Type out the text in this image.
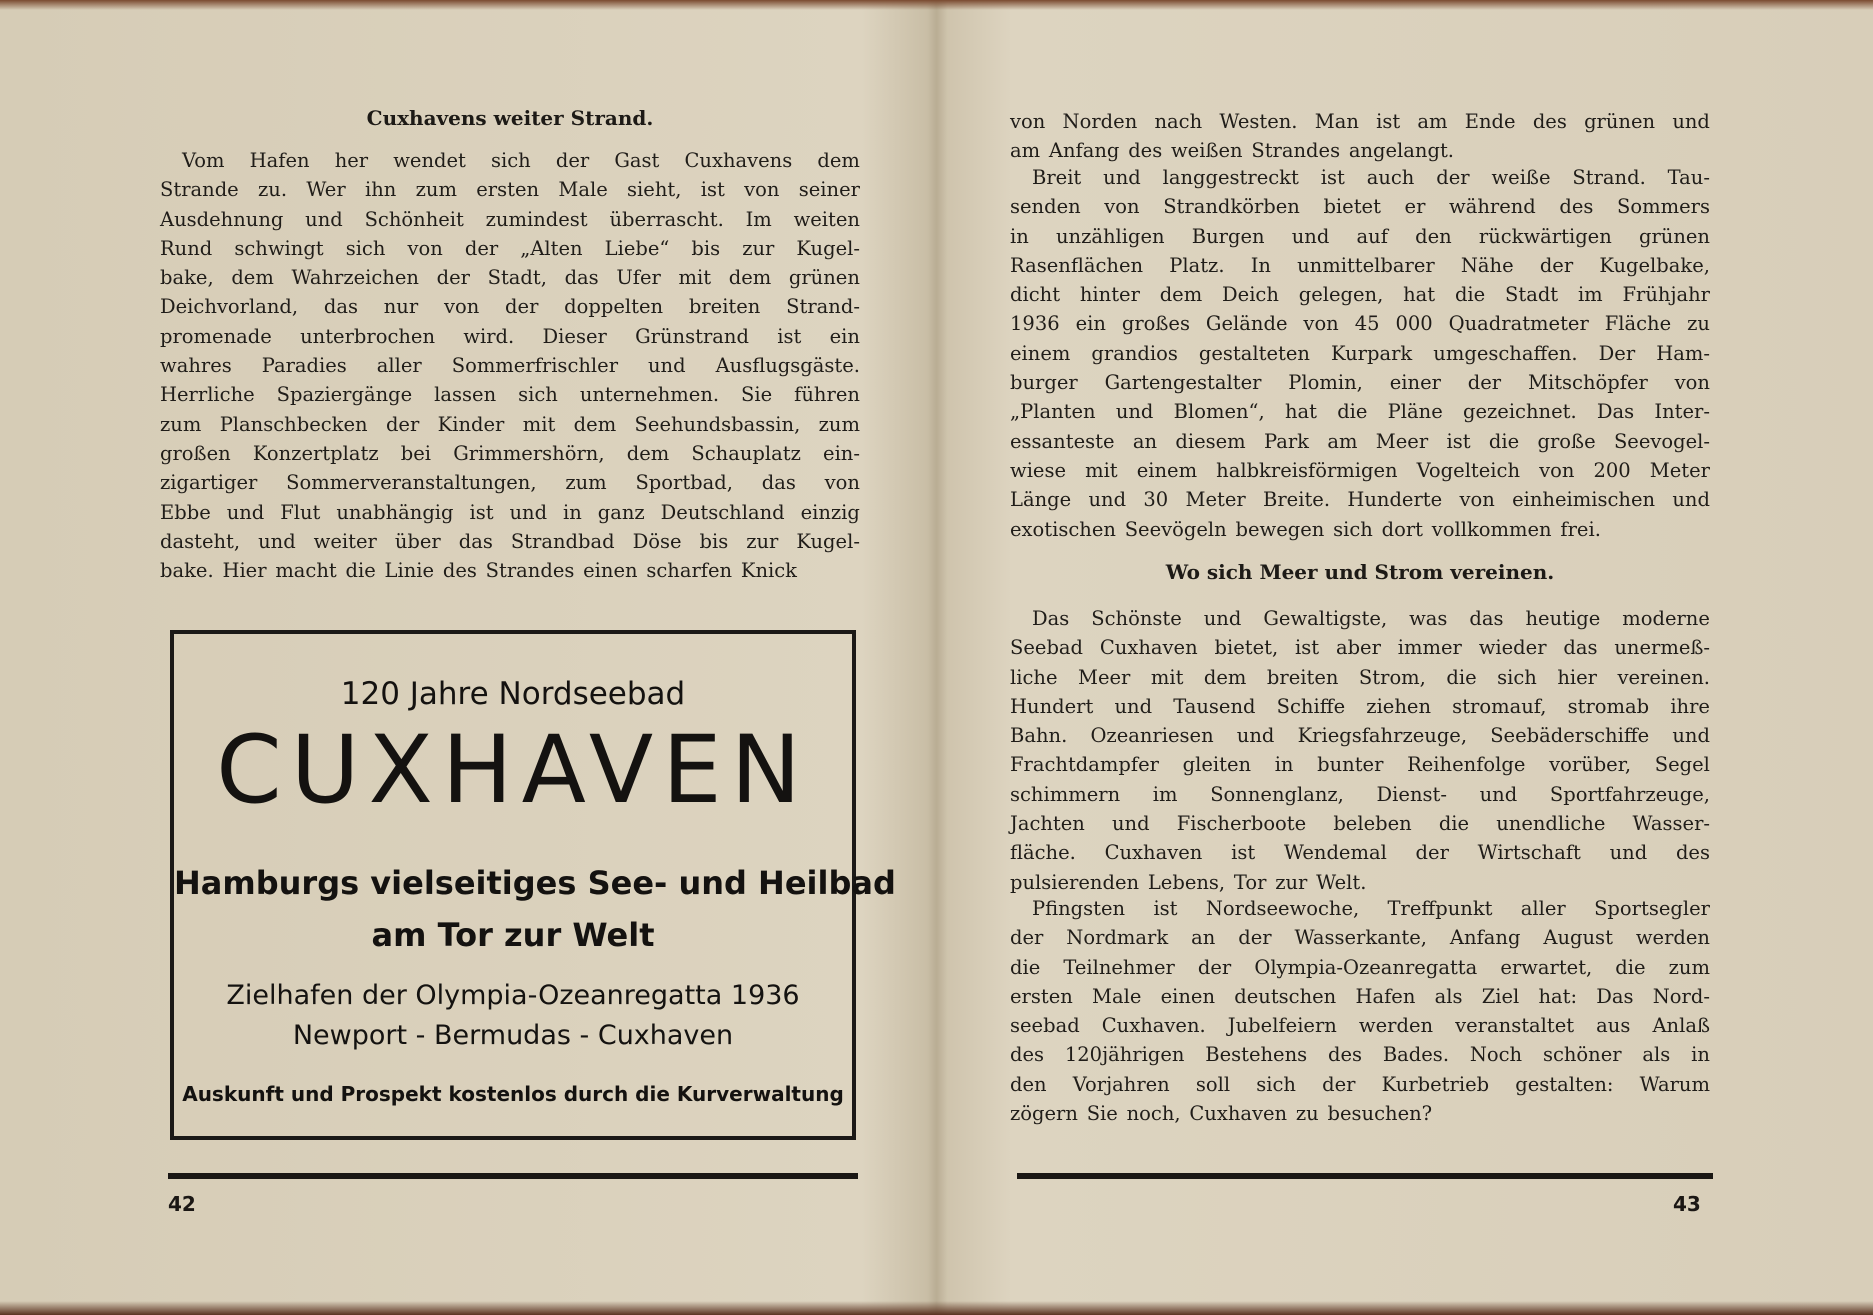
Cuxhavens weiter Strand.
Vom Hafen her wendet sich der Gast Cuxhavens dem
Strande zu. Wer ihn zum ersten Male sieht, ist von seiner
Ausdehnung und Schönheit zumindest überrascht. Im weiten
Rund schwingt sich von der „Alten Liebe“ bis zur Kugel-
bake, dem Wahrzeichen der Stadt, das Ufer mit dem grünen
Deichvorland, das nur von der doppelten breiten Strand-
promenade unterbrochen wird. Dieser Grünstrand ist ein
wahres Paradies aller Sommerfrischler und Ausflugsgäste.
Herrliche Spaziergänge lassen sich unternehmen. Sie führen
zum Planschbecken der Kinder mit dem Seehundsbassin, zum
großen Konzertplatz bei Grimmershörn, dem Schauplatz ein-
zigartiger Sommerveranstaltungen, zum Sportbad, das von
Ebbe und Flut unabhängig ist und in ganz Deutschland einzig
dasteht, und weiter über das Strandbad Döse bis zur Kugel-
bake. Hier macht die Linie des Strandes einen scharfen Knick
120 Jahre Nordseebad
CUXHAVEN
Hamburgs vielseitiges See- und Heilbad
am Tor zur Welt
Zielhafen der Olympia-Ozeanregatta 1936
Newport - Bermudas - Cuxhaven
Auskunft und Prospekt kostenlos durch die Kurverwaltung
42
von Norden nach Westen. Man ist am Ende des grünen und
am Anfang des weißen Strandes angelangt.
Breit und langgestreckt ist auch der weiße Strand. Tau-
senden von Strandkörben bietet er während des Sommers
in unzähligen Burgen und auf den rückwärtigen grünen
Rasenflächen Platz. In unmittelbarer Nähe der Kugelbake,
dicht hinter dem Deich gelegen, hat die Stadt im Frühjahr
1936 ein großes Gelände von 45 000 Quadratmeter Fläche zu
einem grandios gestalteten Kurpark umgeschaffen. Der Ham-
burger Gartengestalter Plomin, einer der Mitschöpfer von
„Planten und Blomen“, hat die Pläne gezeichnet. Das Inter-
essanteste an diesem Park am Meer ist die große Seevogel-
wiese mit einem halbkreisförmigen Vogelteich von 200 Meter
Länge und 30 Meter Breite. Hunderte von einheimischen und
exotischen Seevögeln bewegen sich dort vollkommen frei.
Wo sich Meer und Strom vereinen.
Das Schönste und Gewaltigste, was das heutige moderne
Seebad Cuxhaven bietet, ist aber immer wieder das unermeß-
liche Meer mit dem breiten Strom, die sich hier vereinen.
Hundert und Tausend Schiffe ziehen stromauf, stromab ihre
Bahn. Ozeanriesen und Kriegsfahrzeuge, Seebäderschiffe und
Frachtdampfer gleiten in bunter Reihenfolge vorüber, Segel
schimmern im Sonnenglanz, Dienst- und Sportfahrzeuge,
Jachten und Fischerboote beleben die unendliche Wasser-
fläche. Cuxhaven ist Wendemal der Wirtschaft und des
pulsierenden Lebens, Tor zur Welt.
Pfingsten ist Nordseewoche, Treffpunkt aller Sportsegler
der Nordmark an der Wasserkante, Anfang August werden
die Teilnehmer der Olympia-Ozeanregatta erwartet, die zum
ersten Male einen deutschen Hafen als Ziel hat: Das Nord-
seebad Cuxhaven. Jubelfeiern werden veranstaltet aus Anlaß
des 120jährigen Bestehens des Bades. Noch schöner als in
den Vorjahren soll sich der Kurbetrieb gestalten: Warum
zögern Sie noch, Cuxhaven zu besuchen?
43
